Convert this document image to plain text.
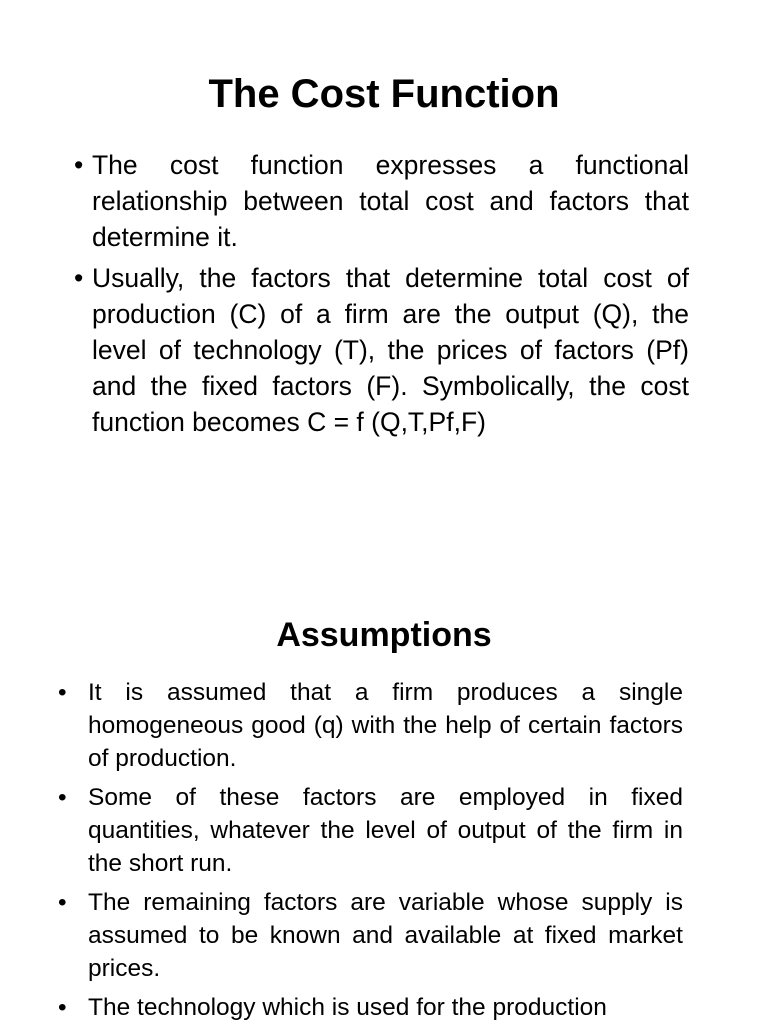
The Cost Function
• The cost function expresses a functional relationship between total cost and factors that determine it.
• Usually, the factors that determine total cost of production (C) of a firm are the output (Q), the level of technology (T), the prices of factors (Pf) and the fixed factors (F). Symbolically, the cost function becomes C = f (Q,T,Pf,F)
Assumptions
• It is assumed that a firm produces a single homogeneous good (q) with the help of certain factors of production.
• Some of these factors are employed in fixed quantities, whatever the level of output of the firm in the short run.
• The remaining factors are variable whose supply is assumed to be known and available at fixed market prices.
• The technology which is used for the production
